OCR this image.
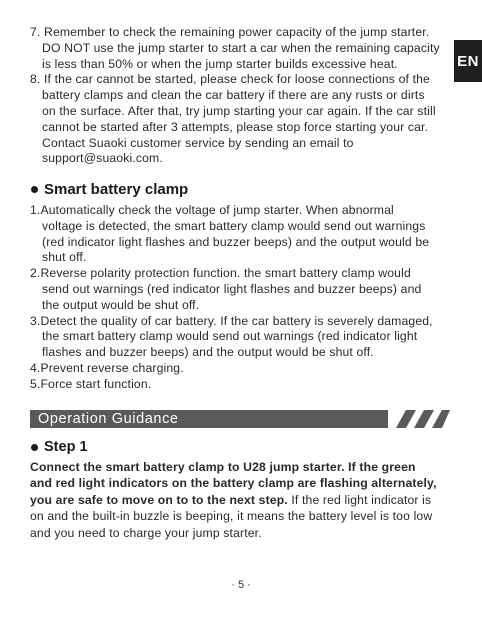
EN

7. Remember to check the remaining power capacity of the jump starter.
DO NOT use the jump starter to start a car when the remaining capacity
is less than 50% or when the jump starter builds excessive heat.

8. If the car cannot be started, please check for loose connections of the
battery clamps and clean the car battery if there are any rusts or dirts
on the surface. After that, try jump starting your car again. If the car still
cannot be started after 3 attempts, please stop force starting your car.
Contact Suaoki customer service by sending an email to
support@suaoki.com.

Smart battery clamp

1.Automatically check the voltage of jump starter. When abnormal
voltage is detected, the smart battery clamp would send out warnings
(red indicator light flashes and buzzer beeps) and the output would be
shut off.

2.Reverse polarity protection function. the smart battery clamp would
send out warnings (red indicator light flashes and buzzer beeps) and
the output would be shut off.

3.Detect the quality of car battery. If the car battery is severely damaged,
the smart battery clamp would send out warnings (red indicator light
flashes and buzzer beeps) and the output would be shut off.

4.Prevent reverse charging.

5.Force start function.

Operation Guidance
Step 1

Connect the smart battery clamp to U28 jump starter. If the green
and red light indicators on the battery clamp are flashing alternately,
you are safe to move on to to the next step. If the red light indicator is
on and the built-in buzzle is beeping, it means the battery level is too low
and you need to charge your jump starter.

· 5 ·
